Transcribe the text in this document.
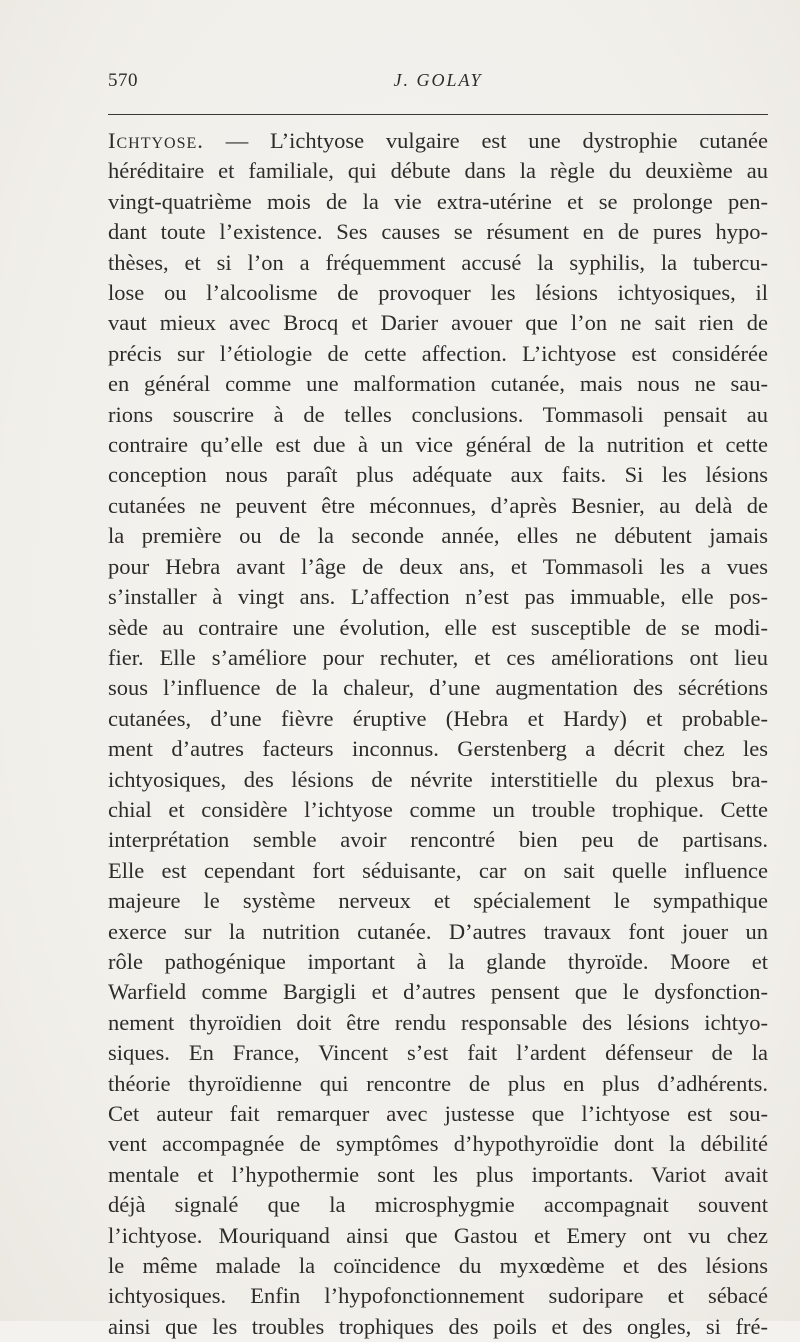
570	J. GOLAY
Ichtyose. — L’ichtyose vulgaire est une dystrophie cutanée
héréditaire et familiale, qui débute dans la règle du deuxième au
vingt-quatrième mois de la vie extra-utérine et se prolonge pen-
dant toute l’existence. Ses causes se résument en de pures hypo-
thèses, et si l’on a fréquemment accusé la syphilis, la tubercu-
lose ou l’alcoolisme de provoquer les lésions ichtyosiques, il
vaut mieux avec Brocq et Darier avouer que l’on ne sait rien de
précis sur l’étiologie de cette affection. L’ichtyose est considérée
en général comme une malformation cutanée, mais nous ne sau-
rions souscrire à de telles conclusions. Tommasoli pensait au
contraire qu’elle est due à un vice général de la nutrition et cette
conception nous paraît plus adéquate aux faits. Si les lésions
cutanées ne peuvent être méconnues, d’après Besnier, au delà de
la première ou de la seconde année, elles ne débutent jamais
pour Hebra avant l’âge de deux ans, et Tommasoli les a vues
s’installer à vingt ans. L’affection n’est pas immuable, elle pos-
sède au contraire une évolution, elle est susceptible de se modi-
fier. Elle s’améliore pour rechuter, et ces améliorations ont lieu
sous l’influence de la chaleur, d’une augmentation des sécrétions
cutanées, d’une fièvre éruptive (Hebra et Hardy) et probable-
ment d’autres facteurs inconnus. Gerstenberg a décrit chez les
ichtyosiques, des lésions de névrite interstitielle du plexus bra-
chial et considère l’ichtyose comme un trouble trophique. Cette
interprétation semble avoir rencontré bien peu de partisans.
Elle est cependant fort séduisante, car on sait quelle influence
majeure le système nerveux et spécialement le sympathique
exerce sur la nutrition cutanée. D’autres travaux font jouer un
rôle pathogénique important à la glande thyroïde. Moore et
Warfield comme Bargigli et d’autres pensent que le dysfonction-
nement thyroïdien doit être rendu responsable des lésions ichtyo-
siques. En France, Vincent s’est fait l’ardent défenseur de la
théorie thyroïdienne qui rencontre de plus en plus d’adhérents.
Cet auteur fait remarquer avec justesse que l’ichtyose est sou-
vent accompagnée de symptômes d’hypothyroïdie dont la débilité
mentale et l’hypothermie sont les plus importants. Variot avait
déjà signalé que la microsphygmie accompagnait souvent
l’ichtyose. Mouriquand ainsi que Gastou et Emery ont vu chez
le même malade la coïncidence du myxœdème et des lésions
ichtyosiques. Enfin l’hypofonctionnement sudoripare et sébacé
ainsi que les troubles trophiques des poils et des ongles, si fré-
